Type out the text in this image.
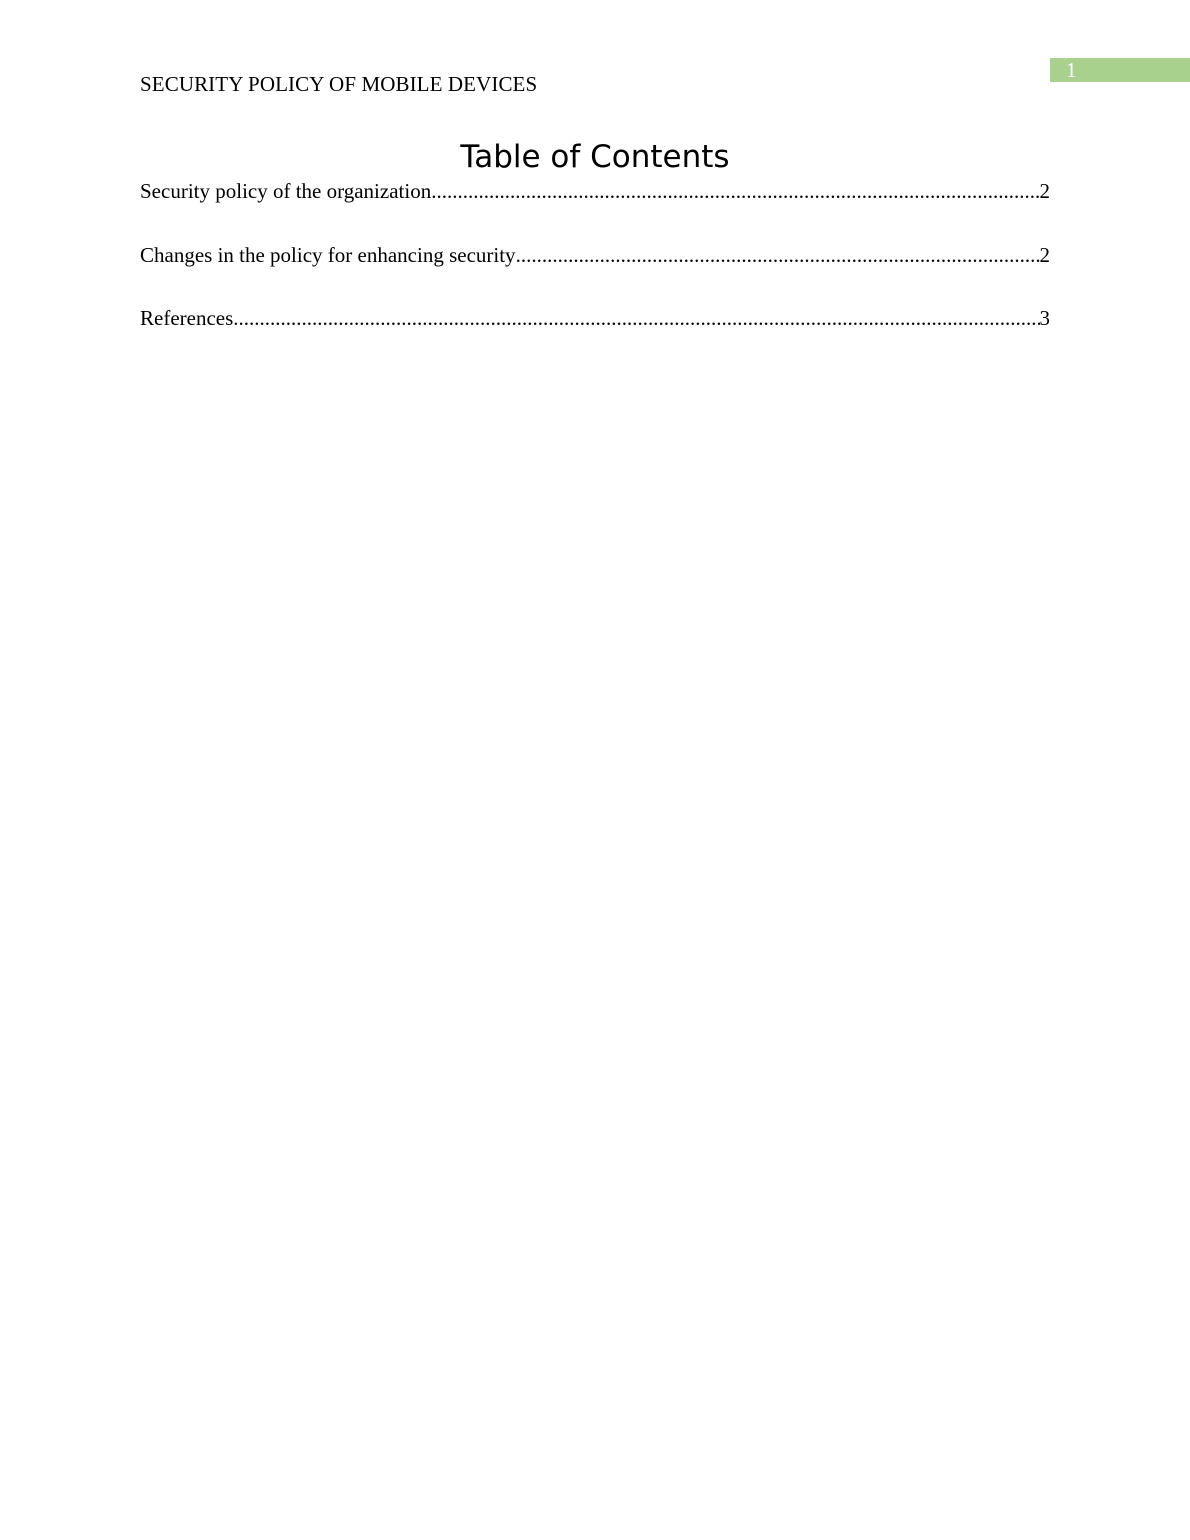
1
SECURITY POLICY OF MOBILE DEVICES
Table of Contents
Security policy of the organization .....	2
Changes in the policy for enhancing security .....	2
References .....	3
